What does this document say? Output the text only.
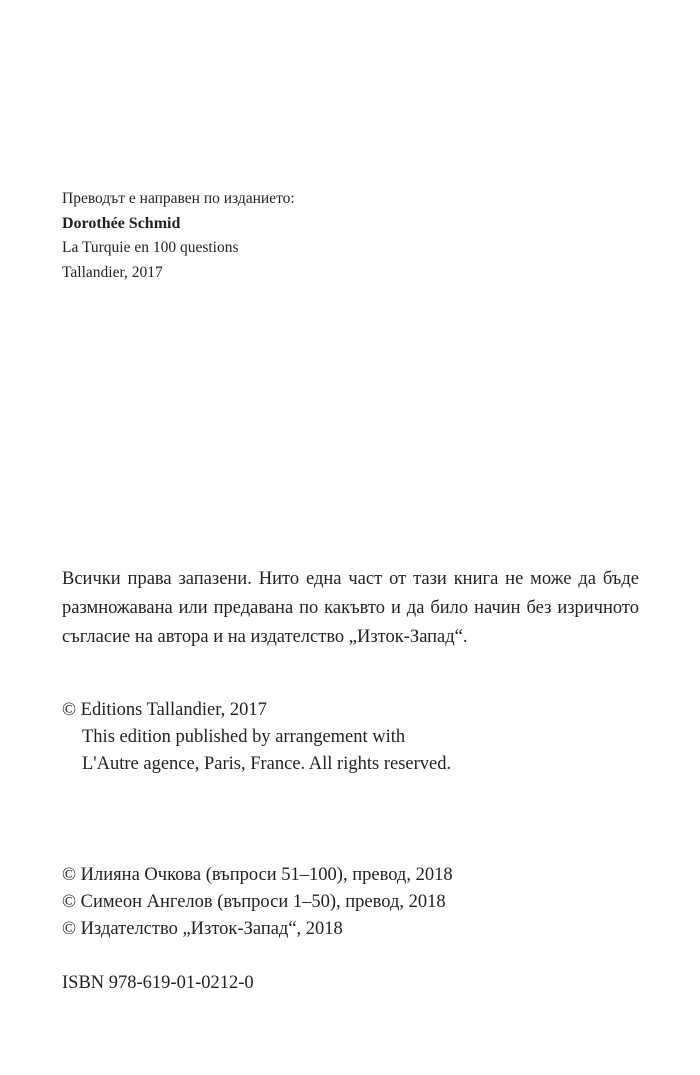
Преводът е направен по изданието:
Dorothée Schmid
La Turquie en 100 questions
Tallandier, 2017

Всички права запазени. Нито една част от тази книга не може да бъде размножавана или предавана по какъвто и да било начин без изричното съгласие на автора и на издателство „Изток-Запад“.

© Editions Tallandier, 2017
This edition published by arrangement with
L'Autre agence, Paris, France. All rights reserved.
© Илияна Очкова (въпроси 51–100), превод, 2018
© Симеон Ангелов (въпроси 1–50), превод, 2018
© Издателство „Изток-Запад“, 2018
ISBN 978-619-01-0212-0
